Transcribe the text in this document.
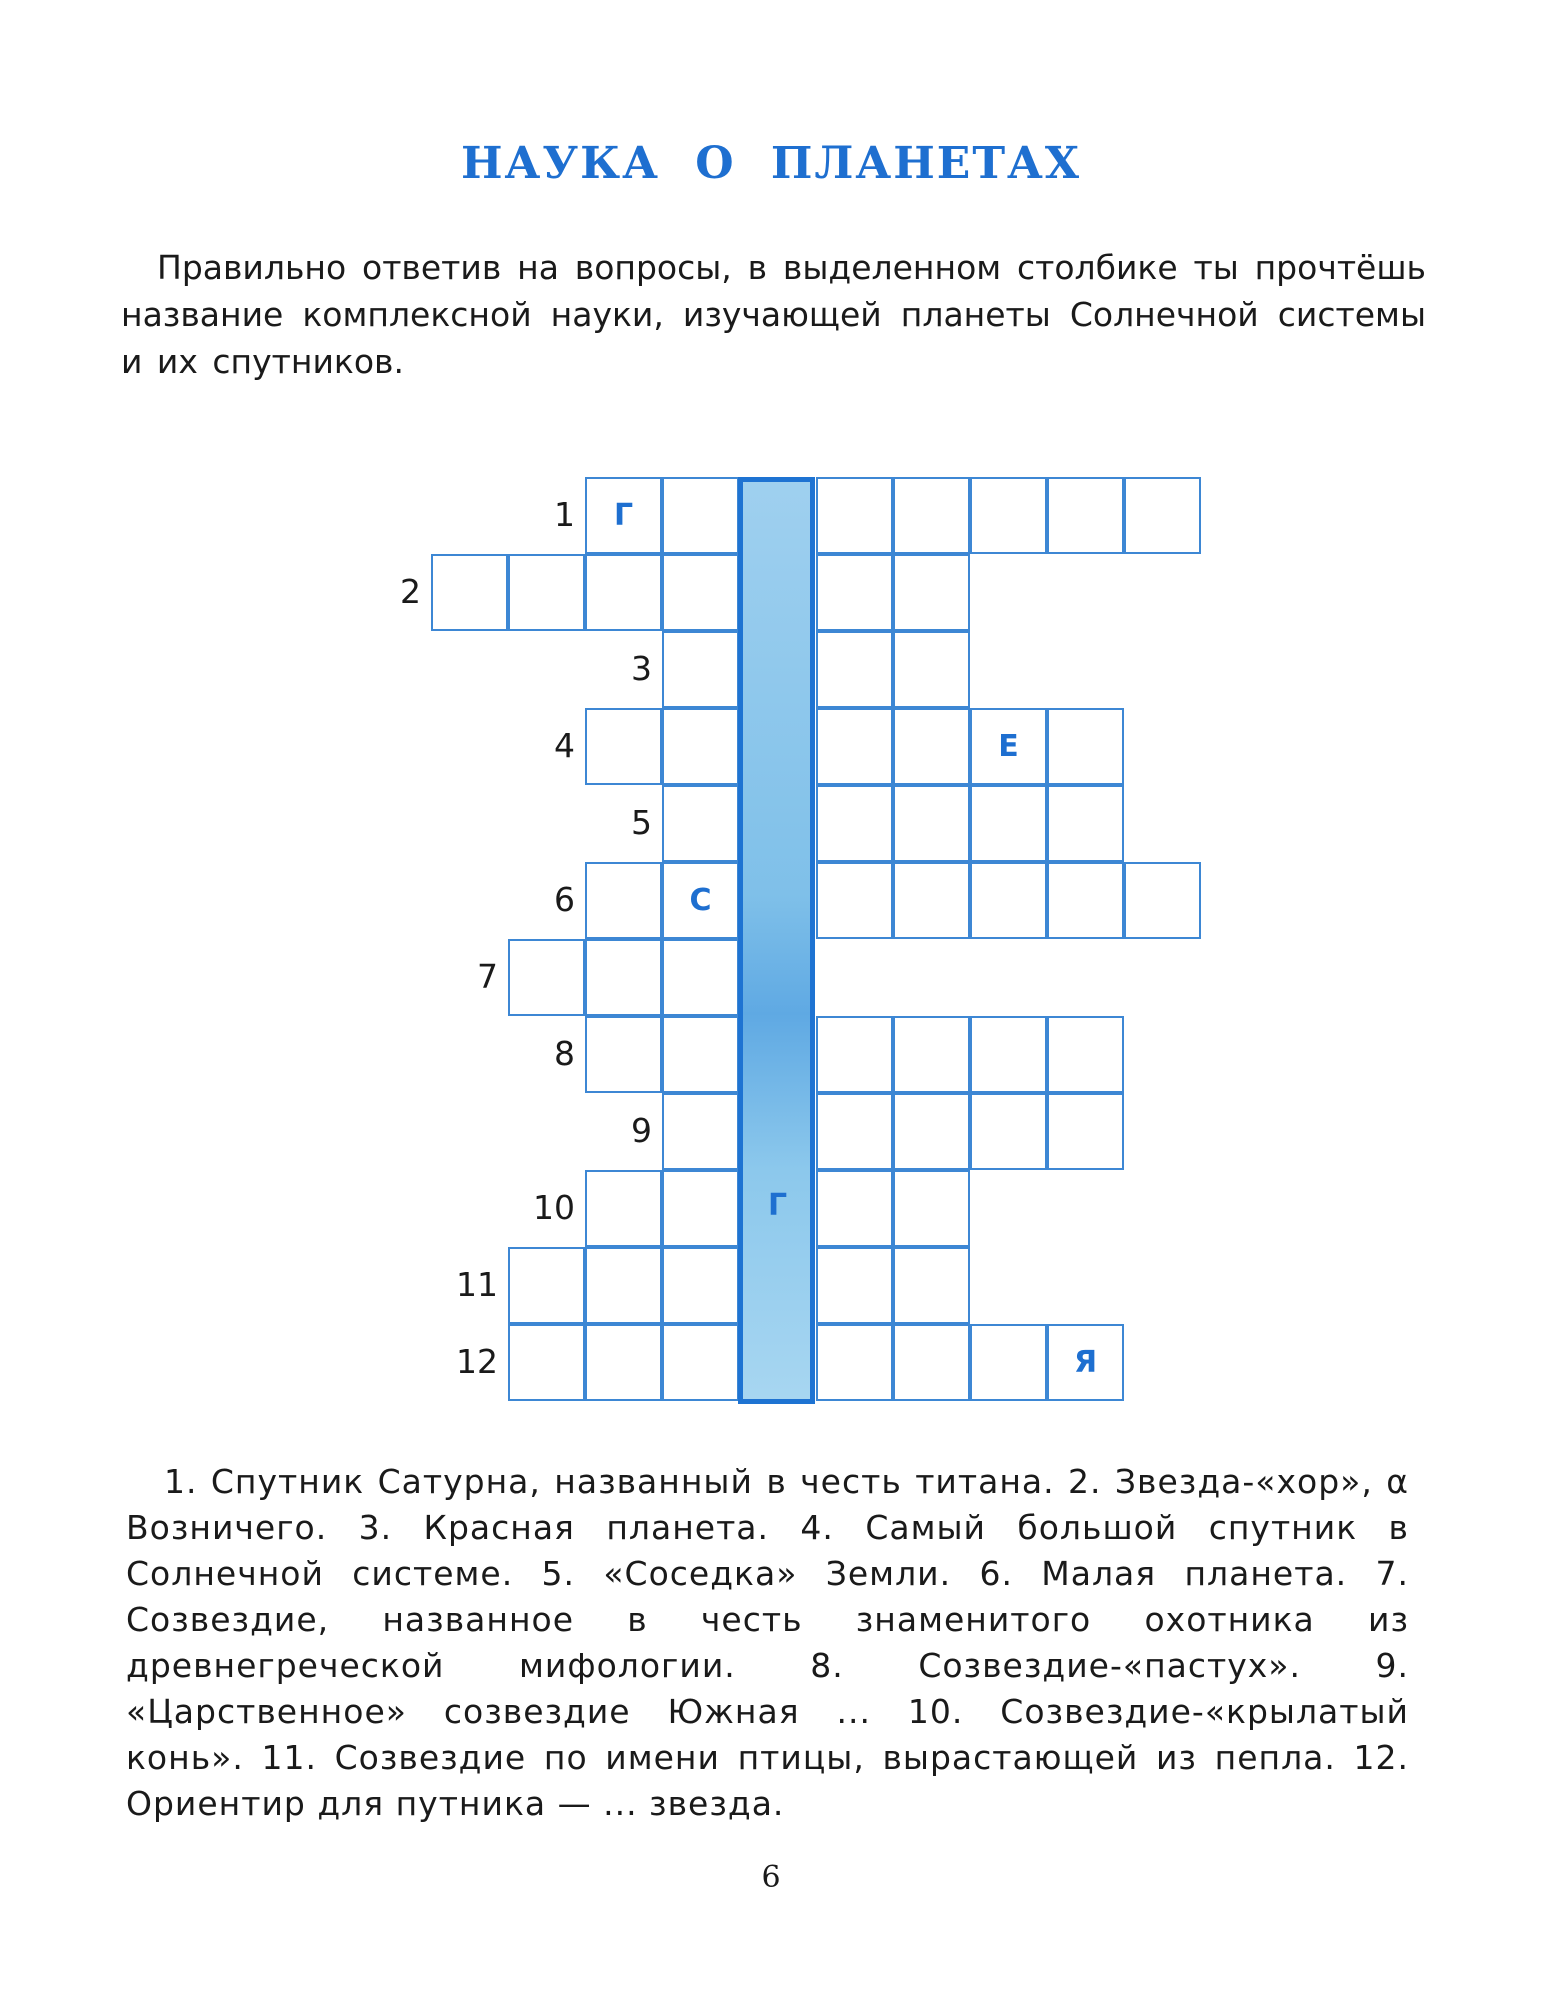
НАУКА О ПЛАНЕТАХ
Правильно ответив на вопросы, в выделенном столбике ты прочтёшь название комплексной науки, изучающей планеты Солнечной системы и их спутников.
1	Г
2
3
4	Е
5
6	С
7
8
9
10	Г
11
12	Я
1. Спутник Сатурна, названный в честь титана. 2. Звезда-«хор», α Возничего. 3. Красная планета. 4. Самый большой спутник в Солнечной системе. 5. «Соседка» Земли. 6. Малая планета. 7. Созвездие, названное в честь знаменитого охотника из древнегреческой мифологии. 8. Созвездие-«пастух». 9. «Царственное» созвездие Южная ... 10. Созвездие-«крылатый конь». 11. Созвездие по имени птицы, вырастающей из пепла. 12. Ориентир для путника — ... звезда.
6
